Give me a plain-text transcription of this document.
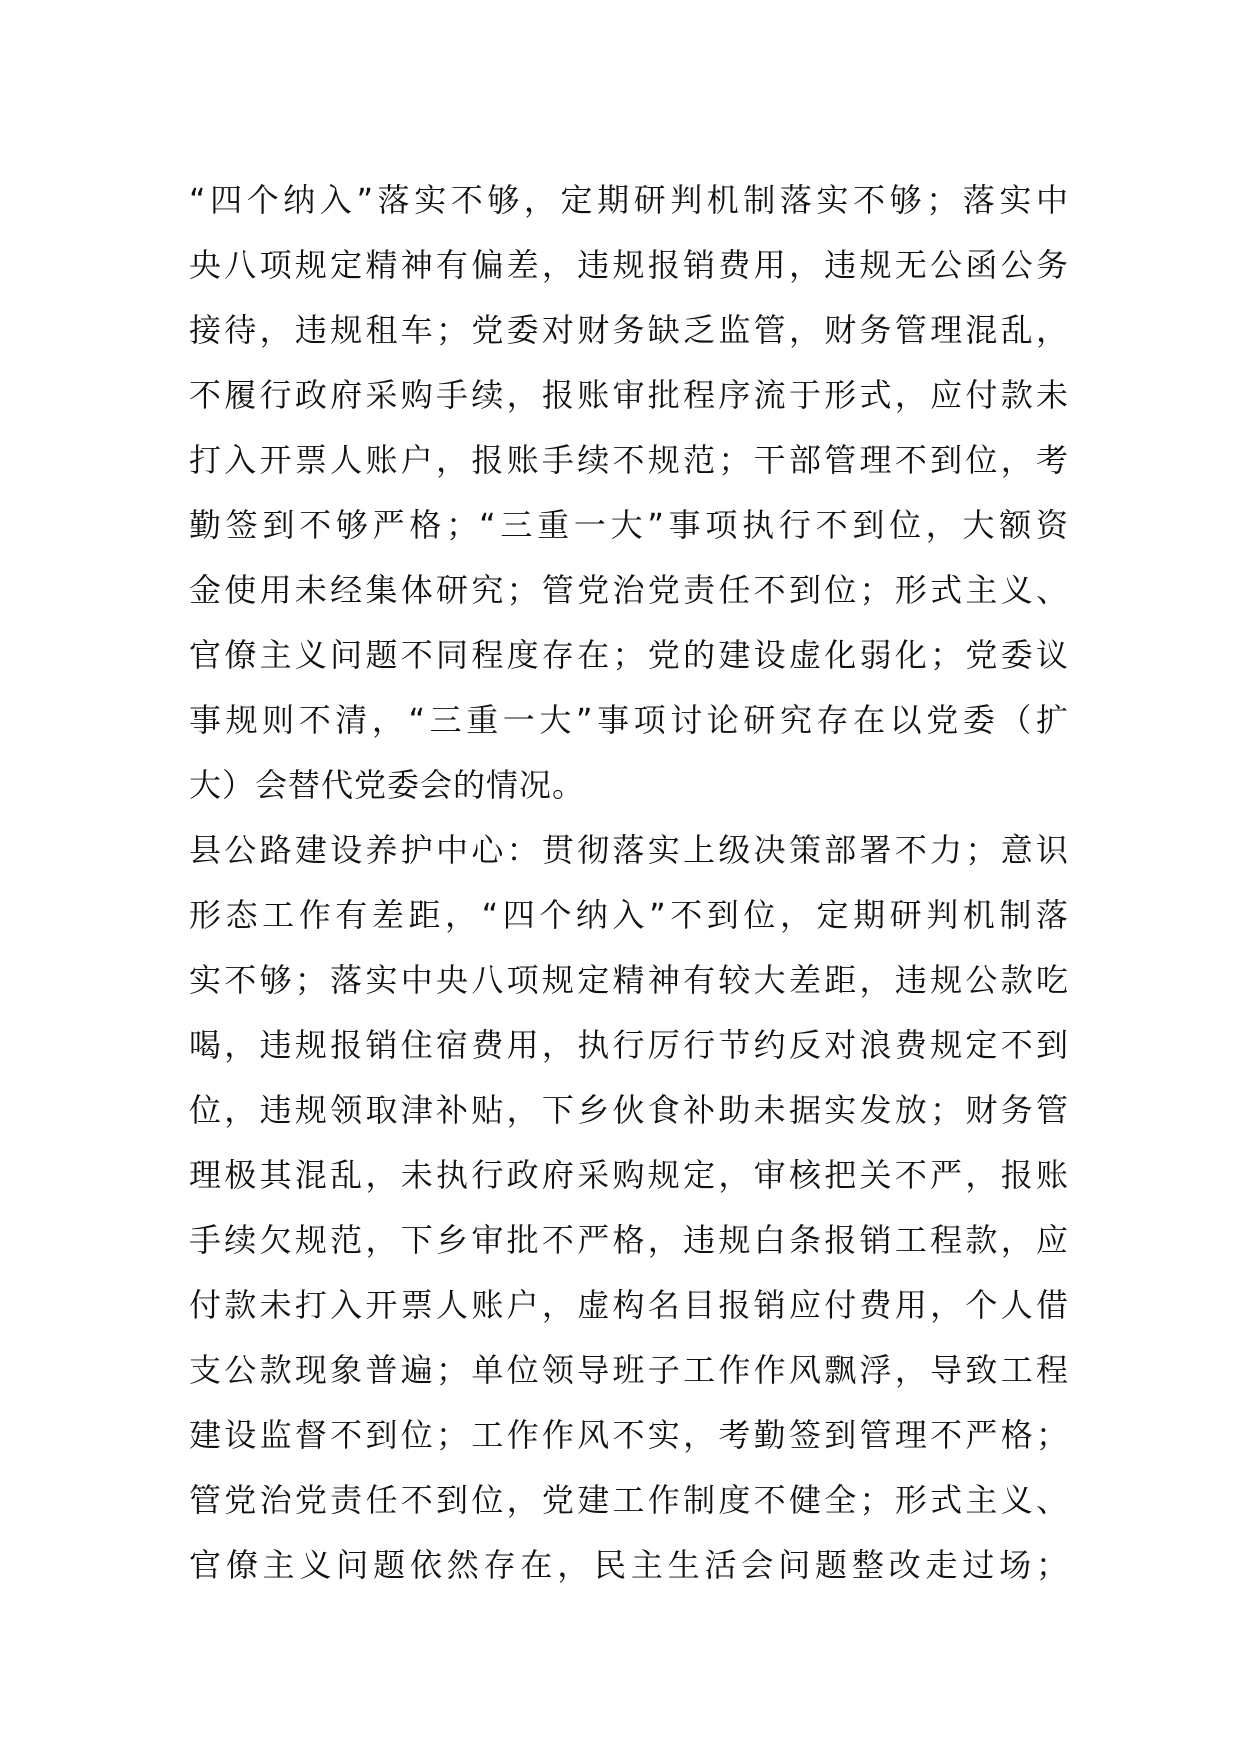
“四个纳入”落实不够，定期研判机制落实不够；落实中
央八项规定精神有偏差，违规报销费用，违规无公函公务
接待，违规租车；党委对财务缺乏监管，财务管理混乱，
不履行政府采购手续，报账审批程序流于形式，应付款未
打入开票人账户，报账手续不规范；干部管理不到位，考
勤签到不够严格；“三重一大”事项执行不到位，大额资
金使用未经集体研究；管党治党责任不到位；形式主义、
官僚主义问题不同程度存在；党的建设虚化弱化；党委议
事规则不清，“三重一大”事项讨论研究存在以党委（扩
大）会替代党委会的情况。
县公路建设养护中心：贯彻落实上级决策部署不力；意识
形态工作有差距，“四个纳入”不到位，定期研判机制落
实不够；落实中央八项规定精神有较大差距，违规公款吃
喝，违规报销住宿费用，执行厉行节约反对浪费规定不到
位，违规领取津补贴，下乡伙食补助未据实发放；财务管
理极其混乱，未执行政府采购规定，审核把关不严，报账
手续欠规范，下乡审批不严格，违规白条报销工程款，应
付款未打入开票人账户，虚构名目报销应付费用，个人借
支公款现象普遍；单位领导班子工作作风飘浮，导致工程
建设监督不到位；工作作风不实，考勤签到管理不严格；
管党治党责任不到位，党建工作制度不健全；形式主义、
官僚主义问题依然存在，民主生活会问题整改走过场；
